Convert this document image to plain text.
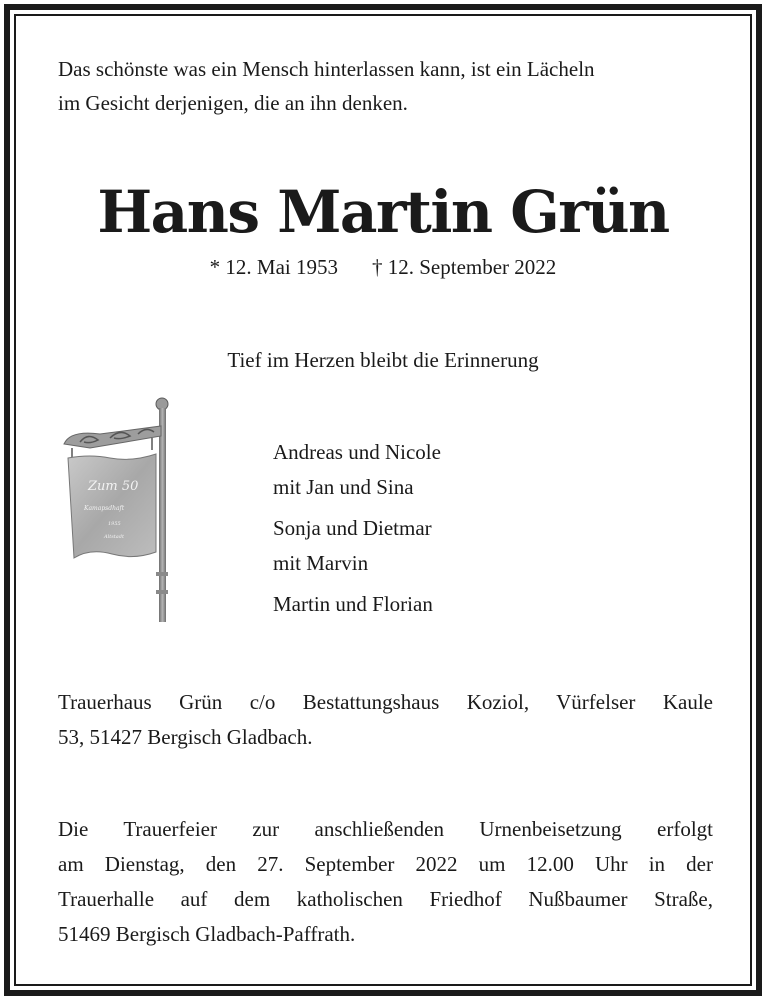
Das schönste was ein Mensch hinterlassen kann, ist ein Lächeln
im Gesicht derjenigen, die an ihn denken.
Hans Martin Grün
* 12. Mai 1953 † 12. September 2022
Tief im Herzen bleibt die Erinnerung
Zum 50
Kamapsdhaft
1955
Altstadt
Andreas und Nicole
mit Jan und Sina
Sonja und Dietmar
mit Marvin
Martin und Florian
Trauerhaus Grün c/o Bestattungshaus Koziol, Vürfelser Kaule
53, 51427 Bergisch Gladbach.
Die Trauerfeier zur anschließenden Urnenbeisetzung erfolgt
am Dienstag, den 27. September 2022 um 12.00 Uhr in der
Trauerhalle auf dem katholischen Friedhof Nußbaumer Straße,
51469 Bergisch Gladbach-Paffrath.
